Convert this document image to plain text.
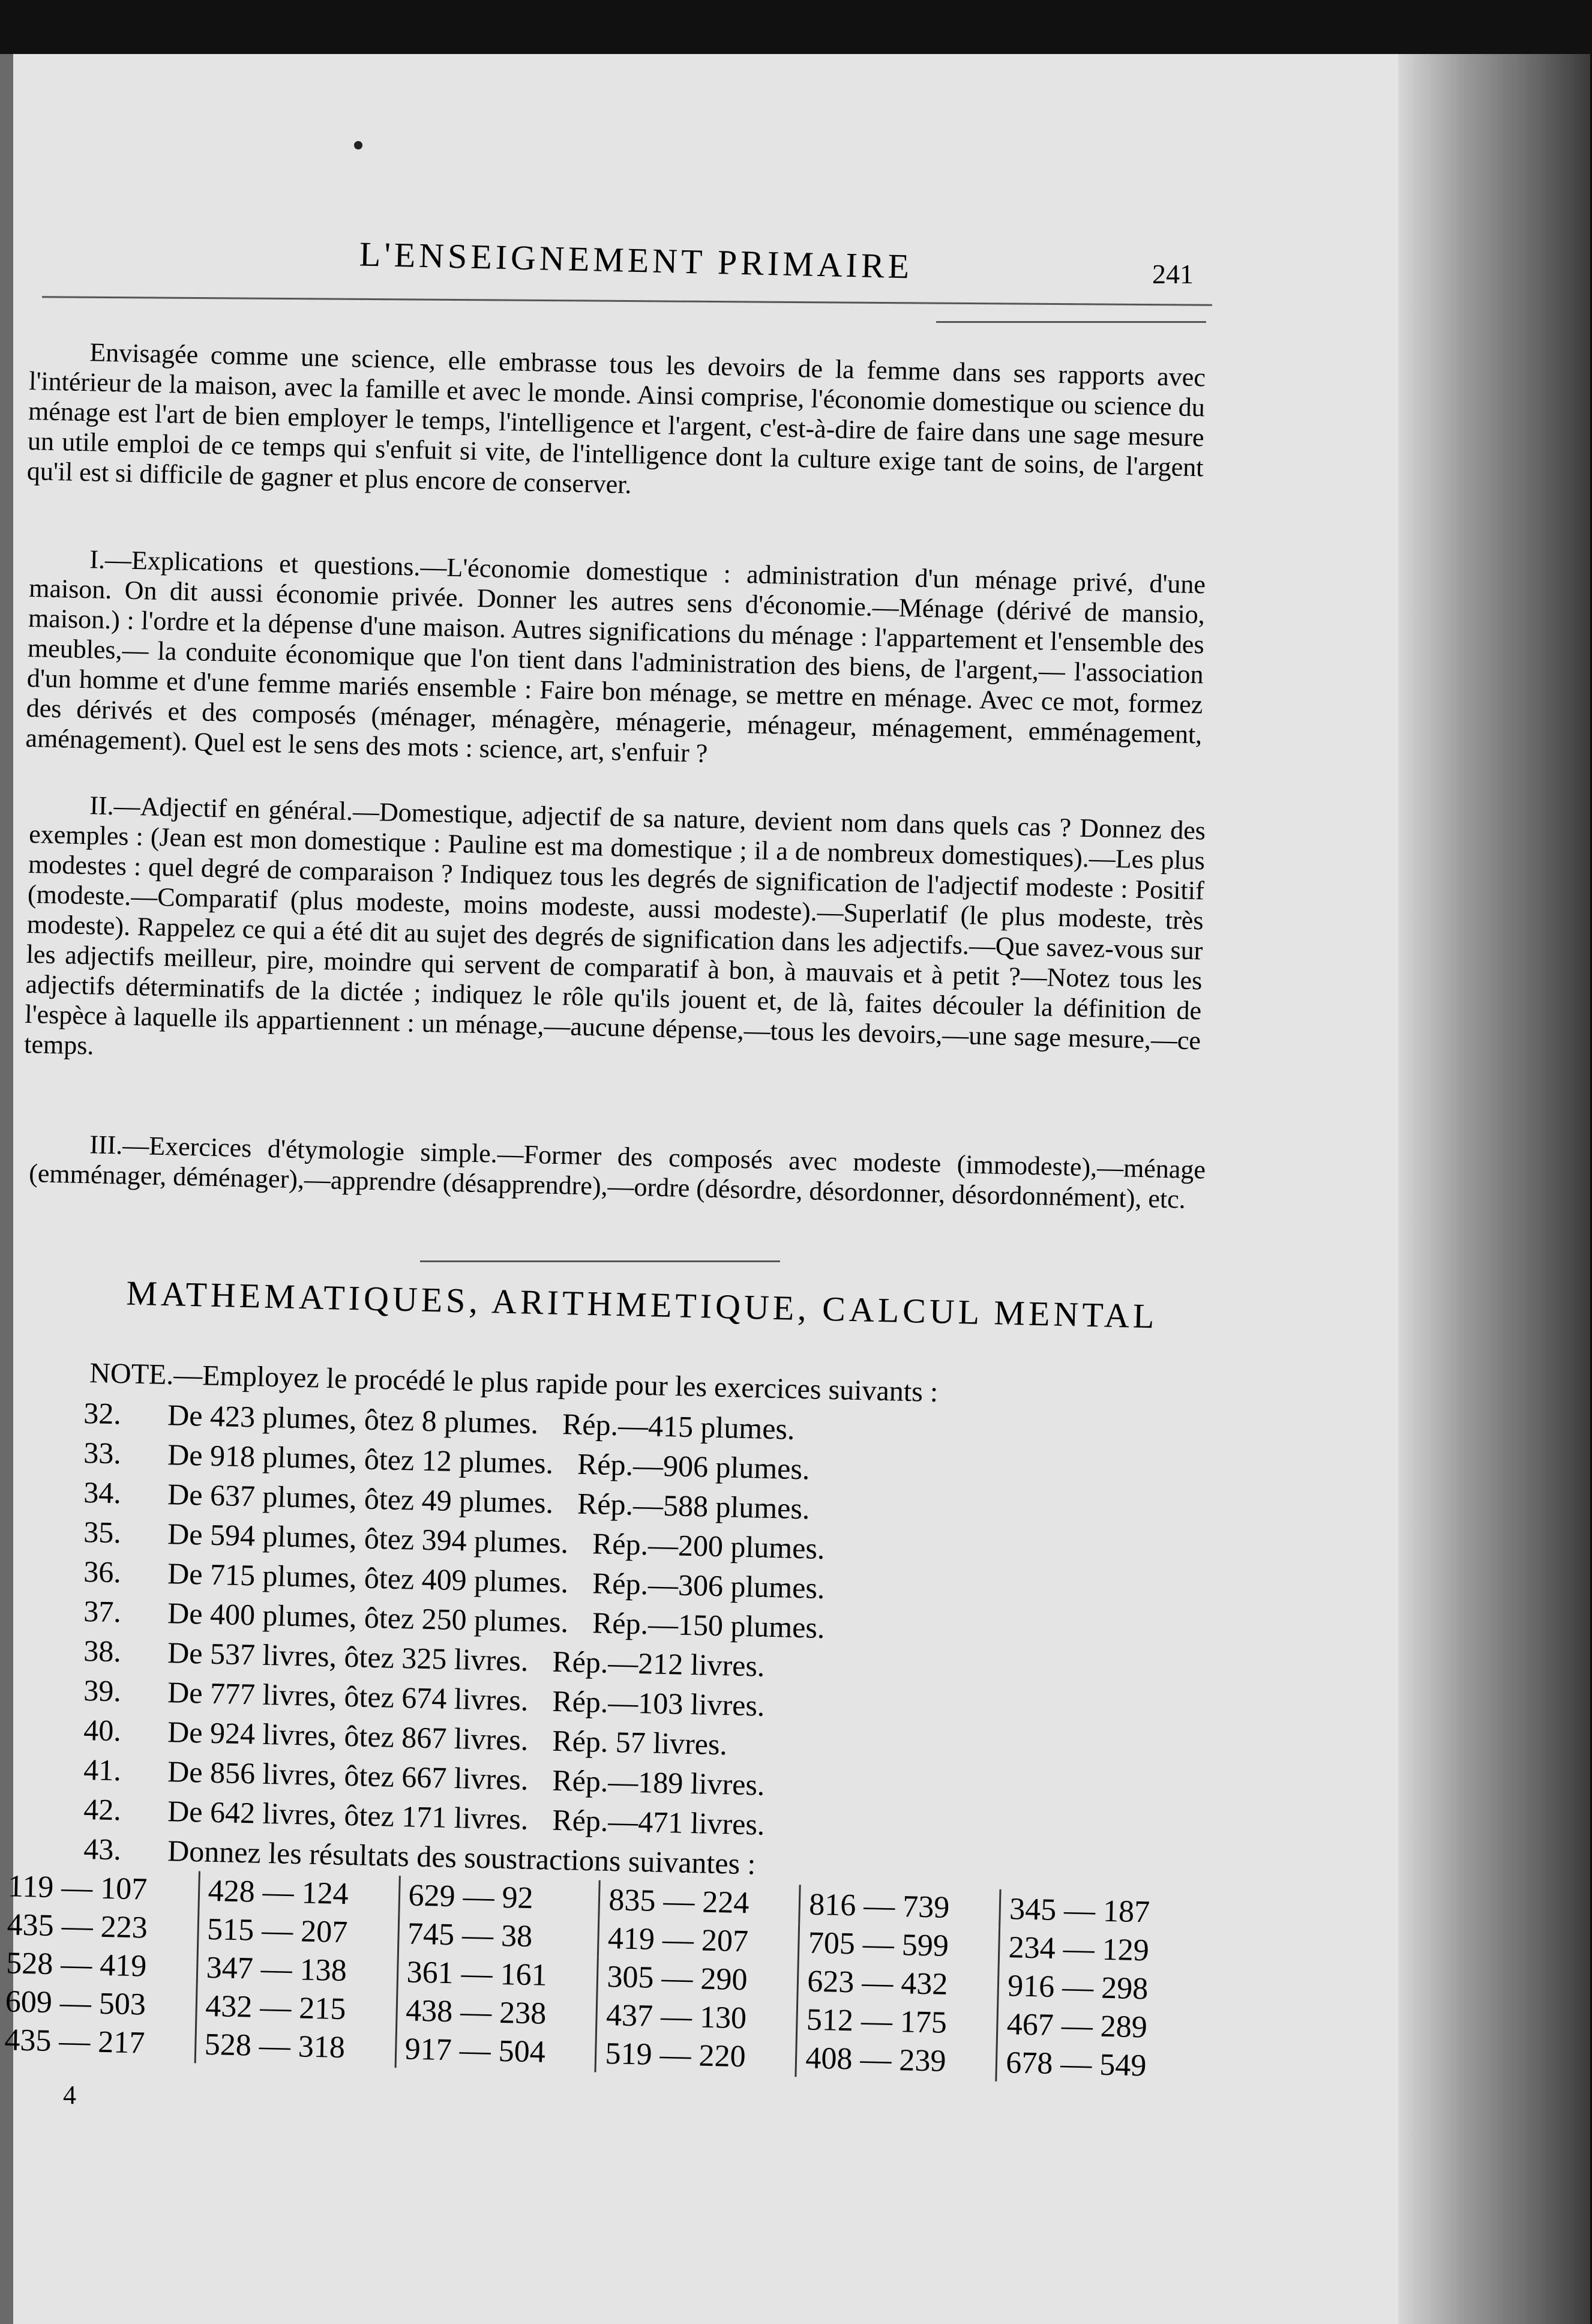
L'ENSEIGNEMENT PRIMAIRE	241
Envisagée comme une science, elle embrasse tous les devoirs de la femme dans ses rapports avec l'intérieur de la maison, avec la famille et avec le monde. Ainsi comprise, l'économie domestique ou science du ménage est l'art de bien employer le temps, l'intelligence et l'argent, c'est-à-dire de faire dans une sage mesure un utile emploi de ce temps qui s'enfuit si vite, de l'intelligence dont la culture exige tant de soins, de l'argent qu'il est si difficile de gagner et plus encore de conserver.
I.—Explications et questions.—L'économie domestique : administration d'un ménage privé, d'une maison. On dit aussi économie privée. Donner les autres sens d'économie.—Ménage (dérivé de mansio, maison.) : l'ordre et la dépense d'une maison. Autres significations du ménage : l'appartement et l'ensemble des meubles,— la conduite économique que l'on tient dans l'administration des biens, de l'argent,— l'association d'un homme et d'une femme mariés ensemble : Faire bon ménage, se mettre en ménage. Avec ce mot, formez des dérivés et des composés (ménager, ménagère, ménagerie, ménageur, ménagement, emménagement, aménagement). Quel est le sens des mots : science, art, s'enfuir ?
II.—Adjectif en général.—Domestique, adjectif de sa nature, devient nom dans quels cas ? Donnez des exemples : (Jean est mon domestique : Pauline est ma domestique ; il a de nombreux domestiques).—Les plus modestes : quel degré de comparaison ? Indiquez tous les degrés de signification de l'adjectif modeste : Positif (modeste.—Comparatif (plus modeste, moins modeste, aussi modeste).—Superlatif (le plus modeste, très modeste). Rappelez ce qui a été dit au sujet des degrés de signification dans les adjectifs.—Que savez-vous sur les adjectifs meilleur, pire, moindre qui servent de comparatif à bon, à mauvais et à petit ?—Notez tous les adjectifs déterminatifs de la dictée ; indiquez le rôle qu'ils jouent et, de là, faites découler la définition de l'espèce à laquelle ils appartiennent : un ménage,—aucune dépense,—tous les devoirs,—une sage mesure,—ce temps.
III.—Exercices d'étymologie simple.—Former des composés avec modeste (immodeste),—ménage (emménager, déménager),—apprendre (désapprendre),—ordre (désordre, désordonner, désordonnément), etc.
MATHEMATIQUES, ARITHMETIQUE, CALCUL MENTAL
NOTE.—Employez le procédé le plus rapide pour les exercices suivants :
32. De 423 plumes, ôtez 8 plumes. Rép.—415 plumes.
33. De 918 plumes, ôtez 12 plumes. Rép.—906 plumes.
34. De 637 plumes, ôtez 49 plumes. Rép.—588 plumes.
35. De 594 plumes, ôtez 394 plumes. Rép.—200 plumes.
36. De 715 plumes, ôtez 409 plumes. Rép.—306 plumes.
37. De 400 plumes, ôtez 250 plumes. Rép.—150 plumes.
38. De 537 livres, ôtez 325 livres. Rép.—212 livres.
39. De 777 livres, ôtez 674 livres. Rép.—103 livres.
40. De 924 livres, ôtez 867 livres. Rép. 57 livres.
41. De 856 livres, ôtez 667 livres. Rép.—189 livres.
42. De 642 livres, ôtez 171 livres. Rép.—471 livres.
43. Donnez les résultats des soustractions suivantes :
119 — 107	428 — 124	629 — 92	835 — 224	816 — 739	345 — 187
435 — 223	515 — 207	745 — 38	419 — 207	705 — 599	234 — 129
528 — 419	347 — 138	361 — 161	305 — 290	623 — 432	916 — 298
609 — 503	432 — 215	438 — 238	437 — 130	512 — 175	467 — 289
435 — 217	528 — 318	917 — 504	519 — 220	408 — 239	678 — 549
4
